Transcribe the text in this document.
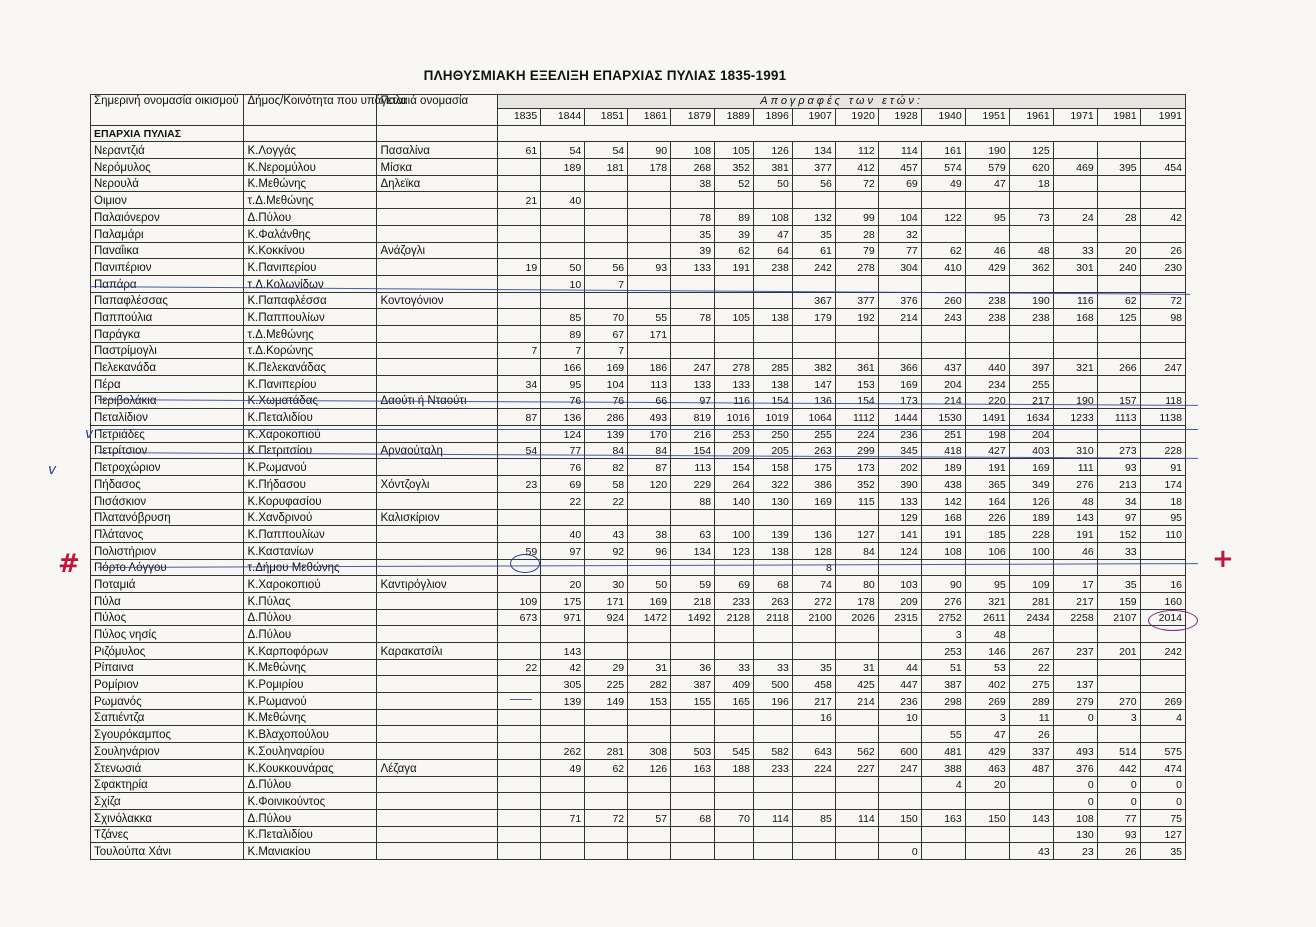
ΠΛΗΘΥΣΜΙΑΚΗ ΕΞΕΛΙΞΗ ΕΠΑΡΧΙΑΣ ΠΥΛΙΑΣ 1835-1991
Σημερινή ονομασία οικισμού	Δήμος/Κοινότητα που υπάγεται	Παλαιά ονομασία	Απογραφές των ετών:															
			1835	1844	1851	1861	1879	1889	1896	1907	1920	1928	1940	1951	1961	1971	1981	1991
ΕΠΑΡΧΙΑ ΠΥΛΙΑΣ																		
Νεραντζιά	Κ.Λογγάς	Πασαλίνα	61	54	54	90	108	105	126	134	112	114	161	190	125			
Νερόμυλος	Κ.Νερομύλου	Μίσκα		189	181	178	268	352	381	377	412	457	574	579	620	469	395	454
Νερουλά	Κ.Μεθώνης	Δηλεϊκα					38	52	50	56	72	69	49	47	18			
Οιμιον	τ.Δ.Μεθώνης		21	40														
Παλαιόνερον	Δ.Πύλου						78	89	108	132	99	104	122	95	73	24	28	42
Παλαμάρι	Κ.Φαλάνθης						35	39	47	35	28	32						
Παναΐικα	Κ.Κοκκίνου	Ανάζογλι					39	62	64	61	79	77	62	46	48	33	20	26
Πανιπέριον	Κ.Πανιπερίου		19	50	56	93	133	191	238	242	278	304	410	429	362	301	240	230
Παπάρα	τ.Δ.Κολωνίδων			10	7													
Παπαφλέσσας	Κ.Παπαφλέσσα	Κοντογόνιον								367	377	376	260	238	190	116	62	72
Παππούλια	Κ.Παππουλίων			85	70	55	78	105	138	179	192	214	243	238	238	168	125	98
Παράγκα	τ.Δ.Μεθώνης			89	67	171												
Παστρίμογλι	τ.Δ.Κορώνης		7	7	7													
Πελεκανάδα	Κ.Πελεκανάδας			166	169	186	247	278	285	382	361	366	437	440	397	321	266	247
Πέρα	Κ.Πανιπερίου		34	95	104	113	133	133	138	147	153	169	204	234	255			
Περιβολάκια	Κ.Χωματάδας	Δαούτι ή Νταούτι		76	76	66	97	116	154	136	154	173	214	220	217	190	157	118
Πεταλίδιον	Κ.Πεταλιδίου		87	136	286	493	819	1016	1019	1064	1112	1444	1530	1491	1634	1233	1113	1138
Πετριάδες	Κ.Χαροκοπιού			124	139	170	216	253	250	255	224	236	251	198	204			
Πετρίτσιον	Κ.Πετριτσίου	Αρναούταλη	54	77	84	84	154	209	205	263	299	345	418	427	403	310	273	228
Πετροχώριον	Κ.Ρωμανού			76	82	87	113	154	158	175	173	202	189	191	169	111	93	91
Πήδασος	Κ.Πήδασου	Χόντζογλι	23	69	58	120	229	264	322	386	352	390	438	365	349	276	213	174
Πισάσκιον	Κ.Κορυφασίου			22	22		88	140	130	169	115	133	142	164	126	48	34	18
Πλατανόβρυση	Κ.Χανδρινού	Καλισκίριον										129	168	226	189	143	97	95
Πλάτανος	Κ.Παππουλίων			40	43	38	63	100	139	136	127	141	191	185	228	191	152	110
Πολιστήριον	Κ.Καστανίων		59	97	92	96	134	123	138	128	84	124	108	106	100	46	33	
Πόρτο Λόγγου	τ.Δήμου Μεθώνης									8								
Ποταμιά	Κ.Χαροκοπιού	Καντιρόγλιον		20	30	50	59	69	68	74	80	103	90	95	109	17	35	16
Πύλα	Κ.Πύλας		109	175	171	169	218	233	263	272	178	209	276	321	281	217	159	160
Πύλος	Δ.Πύλου		673	971	924	1472	1492	2128	2118	2100	2026	2315	2752	2611	2434	2258	2107	2014
Πύλος νησίς	Δ.Πύλου												3	48				
Ριζόμυλος	Κ.Καρποφόρων	Καρακατσίλι		143									253	146	267	237	201	242
Ρίπαινα	Κ.Μεθώνης		22	42	29	31	36	33	33	35	31	44	51	53	22			
Ρομίριον	Κ.Ρομιρίου			305	225	282	387	409	500	458	425	447	387	402	275	137		
Ρωμανός	Κ.Ρωμανού			139	149	153	155	165	196	217	214	236	298	269	289	279	270	269
Σαπιέντζα	Κ.Μεθώνης									16		10		3	11	0	3	4
Σγουρόκαμπος	Κ.Βλαχοπούλου												55	47	26			
Σουληνάριον	Κ.Σουληναρίου			262	281	308	503	545	582	643	562	600	481	429	337	493	514	575
Στενωσιά	Κ.Κουκκουνάρας	Λέζαγα		49	62	126	163	188	233	224	227	247	388	463	487	376	442	474
Σφακτηρία	Δ.Πύλου												4	20		0	0	0
Σχίζα	Κ.Φοινικούντος															0	0	0
Σχινόλακκα	Δ.Πύλου			71	72	57	68	70	114	85	114	150	163	150	143	108	77	75
Τζάνες	Κ.Πεταλιδίου															130	93	127
Τουλούπα Χάνι	Κ.Μανιακίου											0			43	23	26	35
v
v
#	+
